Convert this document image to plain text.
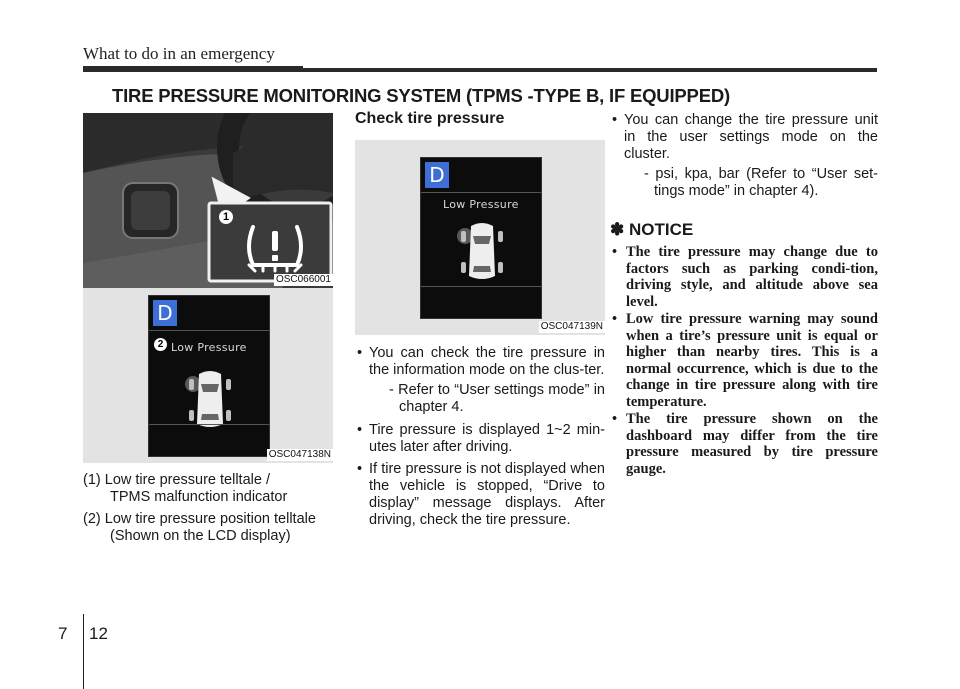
What to do in an emergency
TIRE PRESSURE MONITORING SYSTEM (TPMS -TYPE B, IF EQUIPPED)
1
OSC066001
D
2 Low Pressure
OSC047138N
(1) Low tire pressure telltale /
TPMS malfunction indicator
(2) Low tire pressure position telltale
(Shown on the LCD display)
Check tire pressure
D
Low Pressure
OSC047139N
• You can check the tire pressure in the information mode on the clus-ter.
- Refer to “User settings mode” in chapter 4.
• Tire pressure is displayed 1~2 min-utes later after driving.
• If tire pressure is not displayed when the vehicle is stopped, “Drive to display” message displays. After driving, check the tire pressure.
• You can change the tire pressure unit in the user settings mode on the cluster.
- psi, kpa, bar (Refer to “User set-tings mode” in chapter 4).
✽ NOTICE
• The tire pressure may change due to factors such as parking condi-tion, driving style, and altitude above sea level.
• Low tire pressure warning may sound when a tire’s pressure unit is equal or higher than nearby tires. This is a normal occurrence, which is due to the change in tire pressure along with tire temperature.
• The tire pressure shown on the dashboard may differ from the tire pressure measured by tire pressure gauge.
7 12
